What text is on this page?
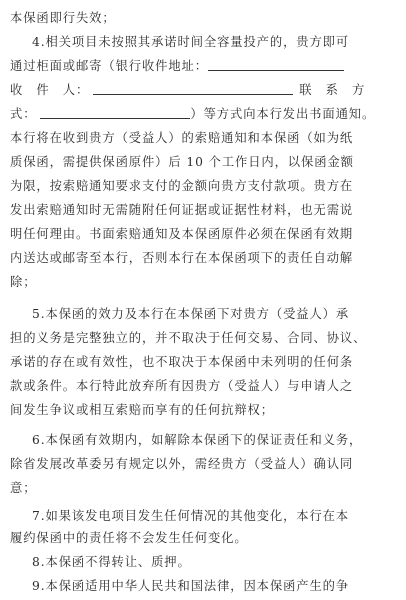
本保函即行失效；
4.相关项目未按照其承诺时间全容量投产的，贵方即可
通过柜面或邮寄（银行收件地址：
收　件　人：	联　系　方
式：	）等方式向本行发出书面通知。
本行将在收到贵方（受益人）的索赔通知和本保函（如为纸
质保函，需提供保函原件）后 10 个工作日内，以保函金额
为限，按索赔通知要求支付的金额向贵方支付款项。贵方在
发出索赔通知时无需随附任何证据或证据性材料，也无需说
明任何理由。书面索赔通知及本保函原件必须在保函有效期
内送达或邮寄至本行，否则本行在本保函项下的责任自动解
除；
5.本保函的效力及本行在本保函下对贵方（受益人）承
担的义务是完整独立的，并不取决于任何交易、合同、协议、
承诺的存在或有效性，也不取决于本保函中未列明的任何条
款或条件。本行特此放弃所有因贵方（受益人）与申请人之
间发生争议或相互索赔而享有的任何抗辩权；
6.本保函有效期内，如解除本保函下的保证责任和义务，
除省发展改革委另有规定以外，需经贵方（受益人）确认同
意；
7.如果该发电项目发生任何情况的其他变化，本行在本
履约保函中的责任将不会发生任何变化。
8.本保函不得转让、质押。
9.本保函适用中华人民共和国法律，因本保函产生的争
